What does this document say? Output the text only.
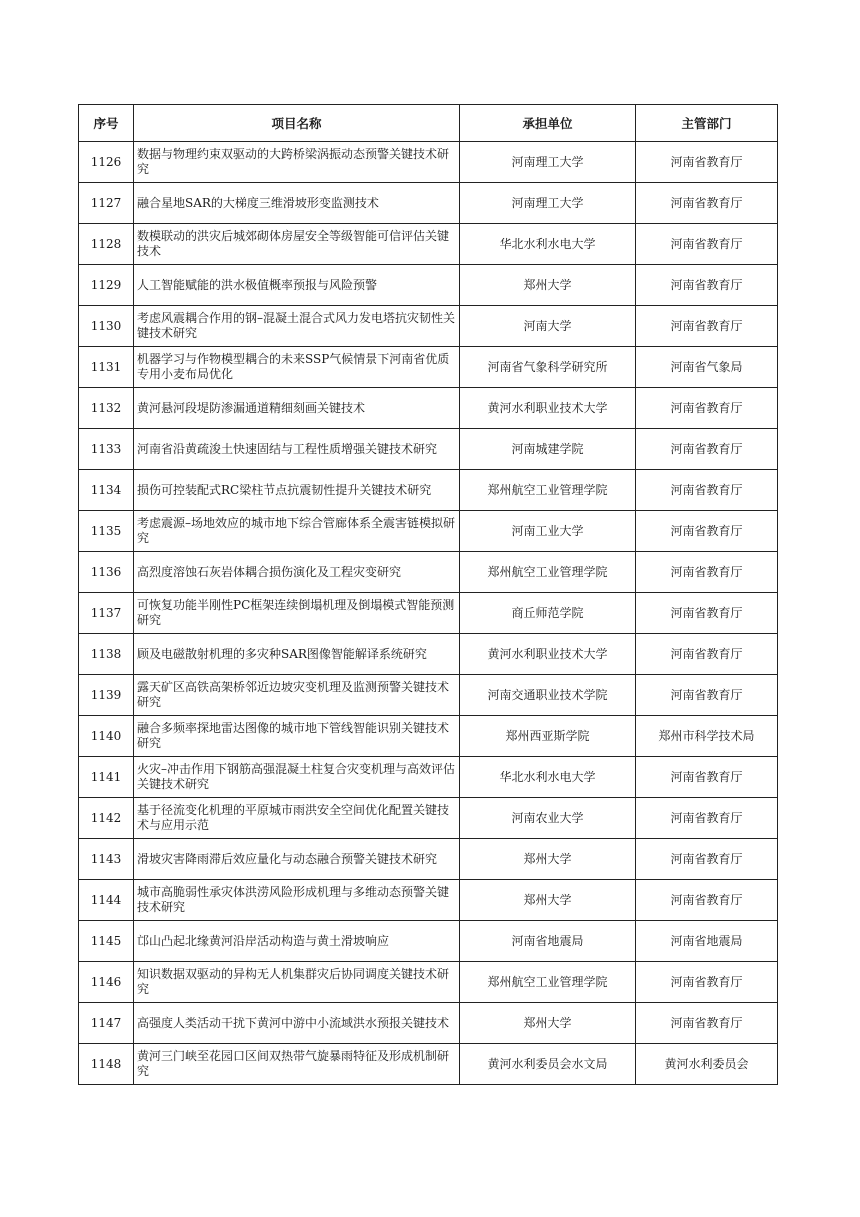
序号	项目名称	承担单位	主管部门
1126	数据与物理约束双驱动的大跨桥梁涡振动态预警关键技术研究	河南理工大学	河南省教育厅
1127	融合星地SAR的大梯度三维滑坡形变监测技术	河南理工大学	河南省教育厅
1128	数模联动的洪灾后城郊砌体房屋安全等级智能可信评估关键技术	华北水利水电大学	河南省教育厅
1129	人工智能赋能的洪水极值概率预报与风险预警	郑州大学	河南省教育厅
1130	考虑风震耦合作用的钢–混凝土混合式风力发电塔抗灾韧性关键技术研究	河南大学	河南省教育厅
1131	机器学习与作物模型耦合的未来SSP气候情景下河南省优质专用小麦布局优化	河南省气象科学研究所	河南省气象局
1132	黄河悬河段堤防渗漏通道精细刻画关键技术	黄河水利职业技术大学	河南省教育厅
1133	河南省沿黄疏浚土快速固结与工程性质增强关键技术研究	河南城建学院	河南省教育厅
1134	损伤可控装配式RC梁柱节点抗震韧性提升关键技术研究	郑州航空工业管理学院	河南省教育厅
1135	考虑震源–场地效应的城市地下综合管廊体系全震害链模拟研究	河南工业大学	河南省教育厅
1136	高烈度溶蚀石灰岩体耦合损伤演化及工程灾变研究	郑州航空工业管理学院	河南省教育厅
1137	可恢复功能半刚性PC框架连续倒塌机理及倒塌模式智能预测研究	商丘师范学院	河南省教育厅
1138	顾及电磁散射机理的多灾种SAR图像智能解译系统研究	黄河水利职业技术大学	河南省教育厅
1139	露天矿区高铁高架桥邻近边坡灾变机理及监测预警关键技术研究	河南交通职业技术学院	河南省教育厅
1140	融合多频率探地雷达图像的城市地下管线智能识别关键技术研究	郑州西亚斯学院	郑州市科学技术局
1141	火灾–冲击作用下钢筋高强混凝土柱复合灾变机理与高效评估关键技术研究	华北水利水电大学	河南省教育厅
1142	基于径流变化机理的平原城市雨洪安全空间优化配置关键技术与应用示范	河南农业大学	河南省教育厅
1143	滑坡灾害降雨滞后效应量化与动态融合预警关键技术研究	郑州大学	河南省教育厅
1144	城市高脆弱性承灾体洪涝风险形成机理与多维动态预警关键技术研究	郑州大学	河南省教育厅
1145	邙山凸起北缘黄河沿岸活动构造与黄土滑坡响应	河南省地震局	河南省地震局
1146	知识数据双驱动的异构无人机集群灾后协同调度关键技术研究	郑州航空工业管理学院	河南省教育厅
1147	高强度人类活动干扰下黄河中游中小流域洪水预报关键技术	郑州大学	河南省教育厅
1148	黄河三门峡至花园口区间双热带气旋暴雨特征及形成机制研究	黄河水利委员会水文局	黄河水利委员会
